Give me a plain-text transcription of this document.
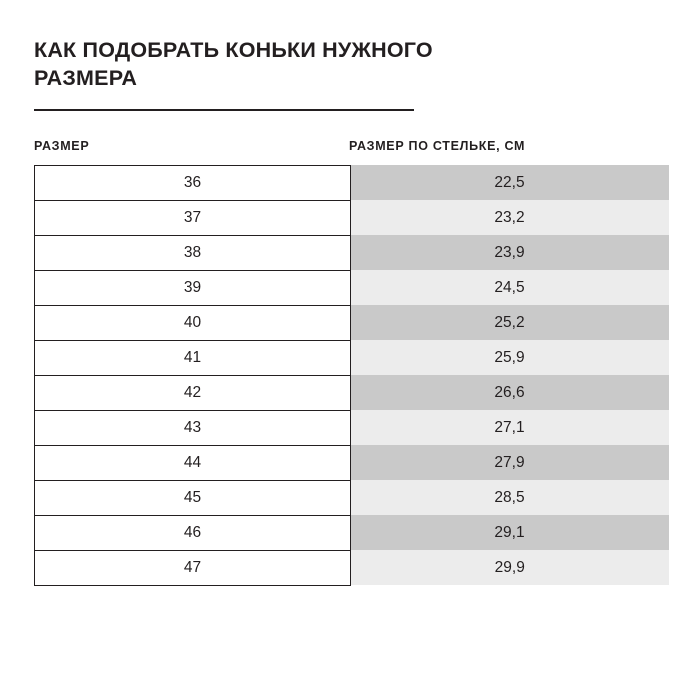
КАК ПОДОБРАТЬ КОНЬКИ НУЖНОГО РАЗМЕРА
РАЗМЕР	РАЗМЕР ПО СТЕЛЬКЕ, СМ
36	22,5
37	23,2
38	23,9
39	24,5
40	25,2
41	25,9
42	26,6
43	27,1
44	27,9
45	28,5
46	29,1
47	29,9
